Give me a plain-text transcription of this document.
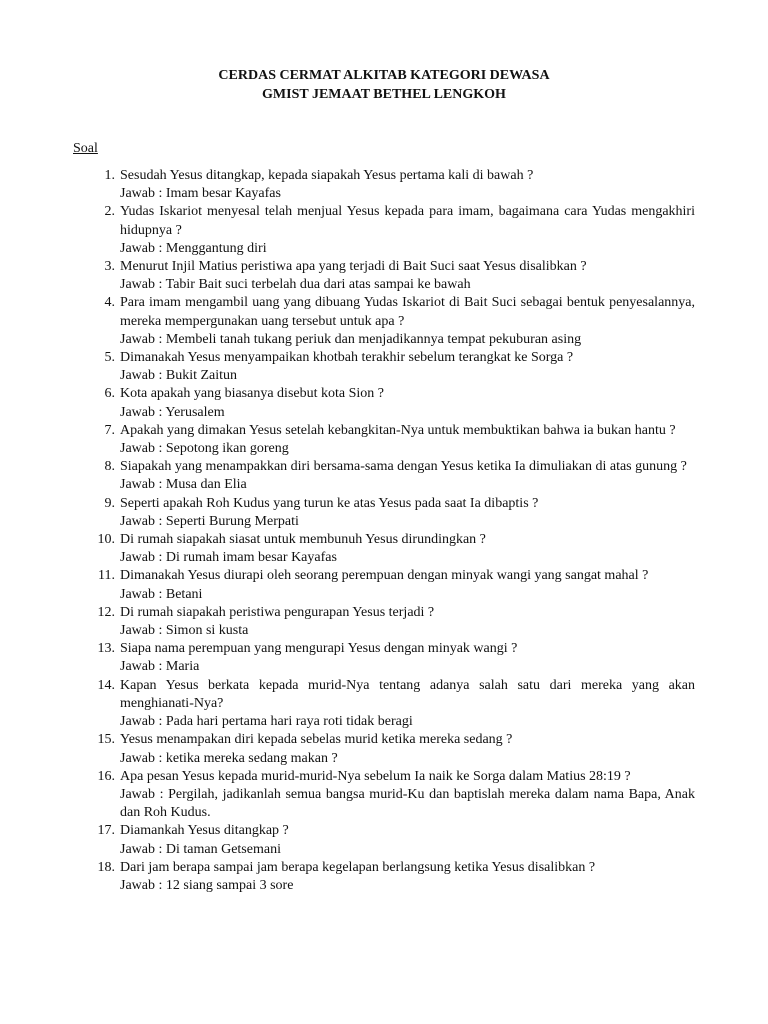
CERDAS CERMAT ALKITAB KATEGORI DEWASA
GMIST JEMAAT BETHEL LENGKOH
Soal
1. Sesudah Yesus ditangkap, kepada siapakah Yesus pertama kali di bawah ?
Jawab : Imam besar Kayafas
2. Yudas Iskariot menyesal telah menjual Yesus kepada para imam, bagaimana cara Yudas mengakhiri hidupnya ?
Jawab : Menggantung diri
3. Menurut Injil Matius peristiwa apa yang terjadi di Bait Suci saat Yesus disalibkan ?
Jawab : Tabir Bait suci terbelah dua dari atas sampai ke bawah
4. Para imam mengambil uang yang dibuang Yudas Iskariot di Bait Suci sebagai bentuk penyesalannya, mereka mempergunakan uang tersebut untuk apa ?
Jawab : Membeli tanah tukang periuk dan menjadikannya tempat pekuburan asing
5. Dimanakah Yesus menyampaikan khotbah terakhir sebelum terangkat ke Sorga ?
Jawab : Bukit Zaitun
6. Kota apakah yang biasanya disebut kota Sion ?
Jawab : Yerusalem
7. Apakah yang dimakan Yesus setelah kebangkitan-Nya untuk membuktikan bahwa ia bukan hantu ?
Jawab : Sepotong ikan goreng
8. Siapakah yang menampakkan diri bersama-sama dengan Yesus ketika Ia dimuliakan di atas gunung ?
Jawab : Musa dan Elia
9. Seperti apakah Roh Kudus yang turun ke atas Yesus pada saat Ia dibaptis ?
Jawab : Seperti Burung Merpati
10. Di rumah siapakah siasat untuk membunuh Yesus dirundingkan ?
Jawab : Di rumah imam besar Kayafas
11. Dimanakah Yesus diurapi oleh seorang perempuan dengan minyak wangi yang sangat mahal ?
Jawab : Betani
12. Di rumah siapakah peristiwa pengurapan Yesus terjadi ?
Jawab : Simon si kusta
13. Siapa nama perempuan yang mengurapi Yesus dengan minyak wangi ?
Jawab : Maria
14. Kapan Yesus berkata kepada murid-Nya tentang adanya salah satu dari mereka yang akan menghianati-Nya?
Jawab : Pada hari pertama hari raya roti tidak beragi
15. Yesus menampakan diri kepada sebelas murid ketika mereka sedang ?
Jawab : ketika mereka sedang makan ?
16. Apa pesan Yesus kepada murid-murid-Nya sebelum Ia naik ke Sorga dalam Matius 28:19 ?
Jawab : Pergilah, jadikanlah semua bangsa murid-Ku dan baptislah mereka dalam nama Bapa, Anak dan Roh Kudus.
17. Diamankah Yesus ditangkap ?
Jawab : Di taman Getsemani
18. Dari jam berapa sampai jam berapa kegelapan berlangsung ketika Yesus disalibkan ?
Jawab : 12 siang sampai 3 sore
